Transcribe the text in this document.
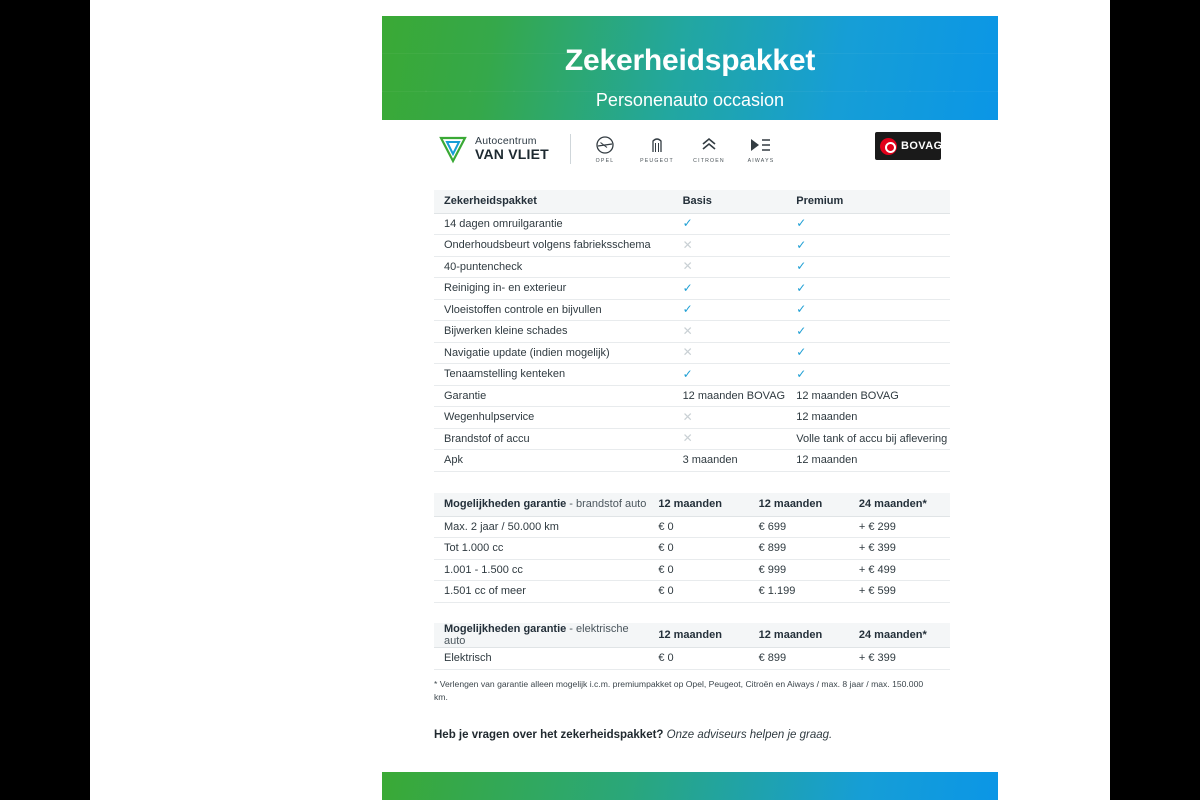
Zekerheidspakket
Personenauto occasion
Autocentrum
VAN VLIET	OPEL	PEUGEOT	CITROEN	AIWAYS
BOVAG
Zekerheidspakket	Basis	Premium
14 dagen omruilgarantie	✓	✓
Onderhoudsbeurt volgens fabrieksschema	✕	✓
40-puntencheck	✕	✓
Reiniging in- en exterieur	✓	✓
Vloeistoffen controle en bijvullen	✓	✓
Bijwerken kleine schades	✕	✓
Navigatie update (indien mogelijk)	✕	✓
Tenaamstelling kenteken	✓	✓
Garantie	12 maanden BOVAG	12 maanden BOVAG
Wegenhulpservice	✕	12 maanden
Brandstof of accu	✕	Volle tank of accu bij aflevering
Apk	3 maanden	12 maanden
Mogelijkheden garantie - brandstof auto	12 maanden	12 maanden	24 maanden*
Max. 2 jaar / 50.000 km	€ 0	€ 699	+ € 299
Tot 1.000 cc	€ 0	€ 899	+ € 399
1.001 - 1.500 cc	€ 0	€ 999	+ € 499
1.501 cc of meer	€ 0	€ 1.199	+ € 599
Mogelijkheden garantie - elektrische auto	12 maanden	12 maanden	24 maanden*
Elektrisch	€ 0	€ 899	+ € 399
* Verlengen van garantie alleen mogelijk i.c.m. premiumpakket op Opel, Peugeot, Citroën en Aiways / max. 8 jaar / max. 150.000 km.
Heb je vragen over het zekerheidspakket? Onze adviseurs helpen je graag.
